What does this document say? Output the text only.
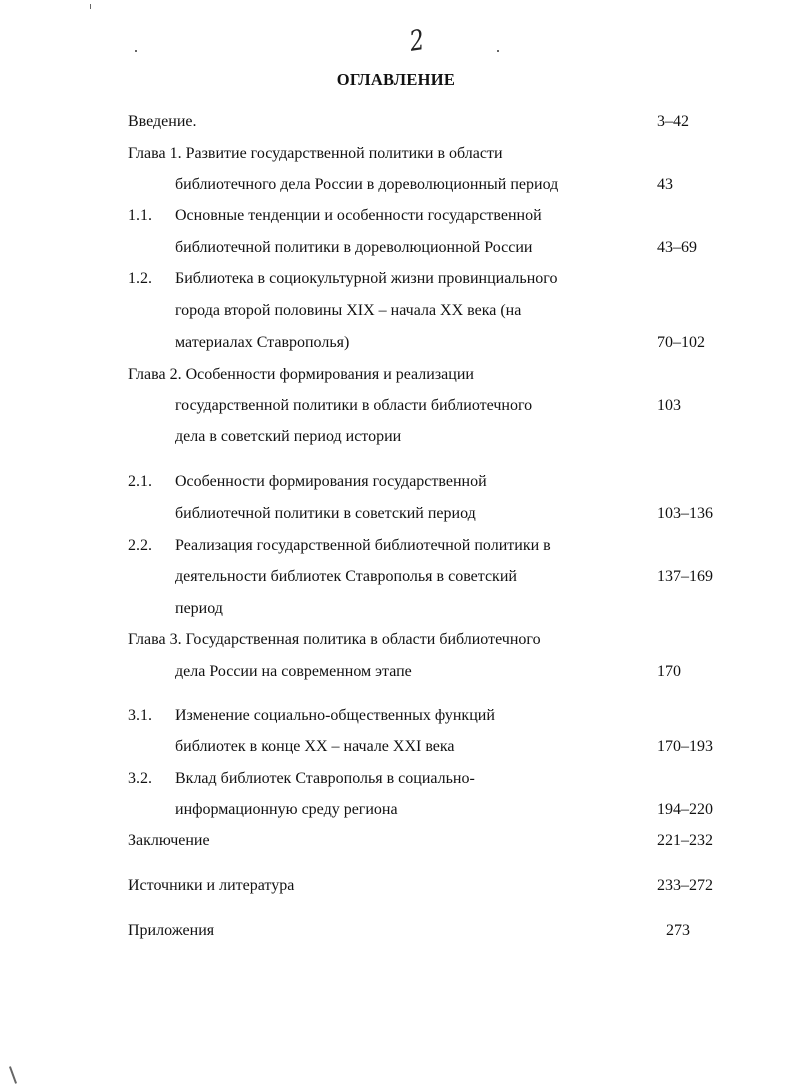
2
ОГЛАВЛЕНИЕ
Введение.	3–42
Глава 1. Развитие государственной политики в области
библиотечного дела России в дореволюционный период	43
1.1. Основные тенденции и особенности государственной
библиотечной политики в дореволюционной России	43–69
1.2. Библиотека в социокультурной жизни провинциального
города второй половины XIX – начала XX века (на
материалах Ставрополья)	70–102
Глава 2. Особенности формирования и реализации
государственной политики в области библиотечного	103
дела в советский период истории
2.1. Особенности формирования государственной
библиотечной политики в советский период	103–136
2.2. Реализация государственной библиотечной политики в
деятельности библиотек Ставрополья в советский	137–169
период
Глава 3. Государственная политика в области библиотечного
дела России на современном этапе	170
3.1. Изменение социально-общественных функций
библиотек в конце XX – начале XXI века	170–193
3.2. Вклад библиотек Ставрополья в социально-
информационную среду региона	194–220
Заключение	221–232
Источники и литература	233–272
Приложения	273
